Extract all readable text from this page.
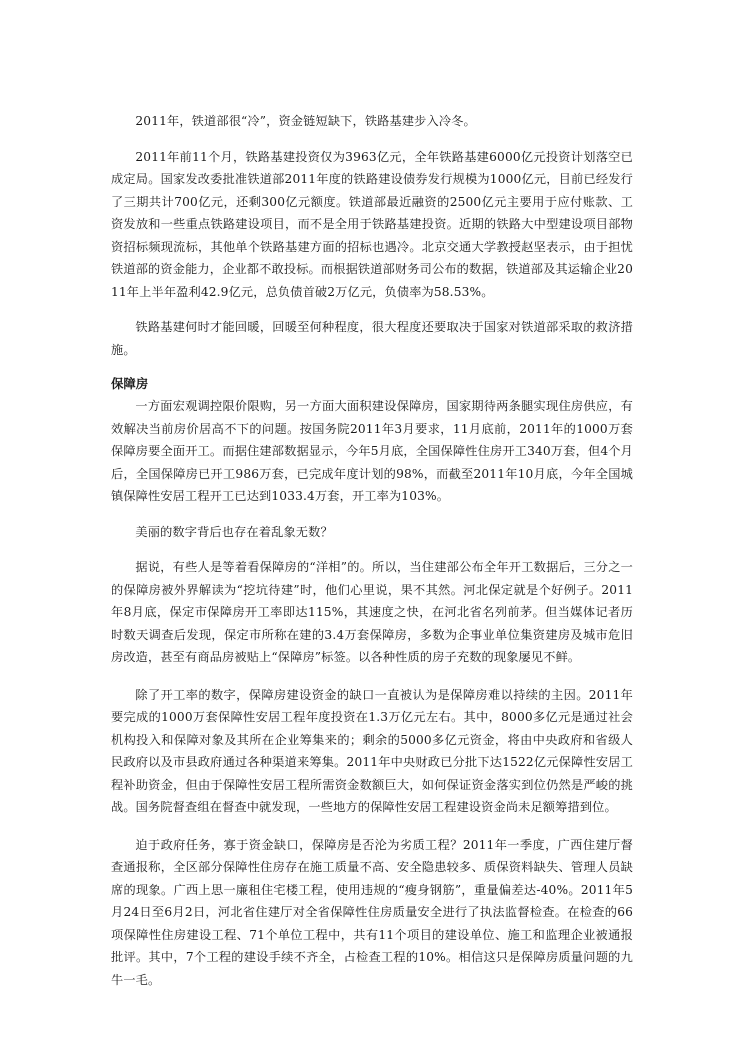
2011年，铁道部很“冷”，资金链短缺下，铁路基建步入冷冬。

2011年前11个月，铁路基建投资仅为3963亿元，全年铁路基建6000亿元投资计划落空已成定局。国家发改委批准铁道部2011年度的铁路建设债券发行规模为1000亿元，目前已经发行了三期共计700亿元，还剩300亿元额度。铁道部最近融资的2500亿元主要用于应付账款、工资发放和一些重点铁路建设项目，而不是全用于铁路基建投资。近期的铁路大中型建设项目部物资招标频现流标，其他单个铁路基建方面的招标也遇冷。北京交通大学教授赵坚表示，由于担忧铁道部的资金能力，企业都不敢投标。而根据铁道部财务司公布的数据，铁道部及其运输企业2011年上半年盈利42.9亿元，总负债首破2万亿元，负债率为58.53%。

铁路基建何时才能回暖，回暖至何种程度，很大程度还要取决于国家对铁道部采取的救济措施。

保障房

一方面宏观调控限价限购，另一方面大面积建设保障房，国家期待两条腿实现住房供应，有效解决当前房价居高不下的问题。按国务院2011年3月要求，11月底前，2011年的1000万套保障房要全面开工。而据住建部数据显示，今年5月底，全国保障性住房开工340万套，但4个月后，全国保障房已开工986万套，已完成年度计划的98%，而截至2011年10月底，今年全国城镇保障性安居工程开工已达到1033.4万套，开工率为103%。

美丽的数字背后也存在着乱象无数？

据说，有些人是等着看保障房的“洋相”的。所以，当住建部公布全年开工数据后，三分之一的保障房被外界解读为“挖坑待建”时，他们心里说，果不其然。河北保定就是个好例子。2011年8月底，保定市保障房开工率即达115%，其速度之快，在河北省名列前茅。但当媒体记者历时数天调查后发现，保定市所称在建的3.4万套保障房，多数为企事业单位集资建房及城市危旧房改造，甚至有商品房被贴上“保障房”标签。以各种性质的房子充数的现象屡见不鲜。

除了开工率的数字，保障房建设资金的缺口一直被认为是保障房难以持续的主因。2011年要完成的1000万套保障性安居工程年度投资在1.3万亿元左右。其中，8000多亿元是通过社会机构投入和保障对象及其所在企业筹集来的；剩余的5000多亿元资金，将由中央政府和省级人民政府以及市县政府通过各种渠道来筹集。2011年中央财政已分批下达1522亿元保障性安居工程补助资金，但由于保障性安居工程所需资金数额巨大，如何保证资金落实到位仍然是严峻的挑战。国务院督查组在督查中就发现，一些地方的保障性安居工程建设资金尚未足额筹措到位。

迫于政府任务，寡于资金缺口，保障房是否沦为劣质工程？2011年一季度，广西住建厅督查通报称，全区部分保障性住房存在施工质量不高、安全隐患较多、质保资料缺失、管理人员缺席的现象。广西上思一廉租住宅楼工程，使用违规的“瘦身钢筋”，重量偏差达-40%。2011年5月24日至6月2日，河北省住建厅对全省保障性住房质量安全进行了执法监督检查。在检查的66项保障性住房建设工程、71个单位工程中，共有11个项目的建设单位、施工和监理企业被通报批评。其中，7个工程的建设手续不齐全，占检查工程的10%。相信这只是保障房质量问题的九牛一毛。
